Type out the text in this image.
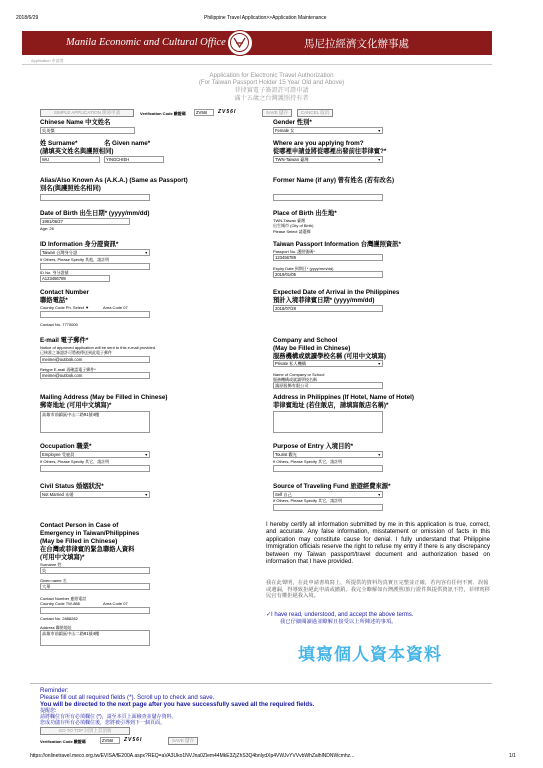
2018/6/29	Philippine Travel Application>>Application Maintenance
Manila Economic and Cultural Office	馬尼拉經濟文化辦事處
Application 申請書
Application for Electronic Travel Authorization
(For Taiwan Passport Holder 15 Year Old and Above)
菲律賓電子簽證許可證申請
滿十五歲之台灣護照持有者
SIMPLE APPLICATION 簡易申請	Verification Code 驗證碼	ZV56I	ZV56I	SAVE 儲存	CANCEL 取消
Chinese Name 中文姓名
吳英傑
姓 Surname*	名 Given name*
(請填英文姓名與護照相同)
WU	YINGCHIEH
Alias/Also Known As (A.K.A.) (Same as Passport)
別名(與護照姓名相同)
Date of Birth 出生日期* (yyyy/mm/dd)
1991/06/27
Age: 26
ID Information 身分證資訊*
Taiwan 台灣身分證 ▼
If Others, Please Specify 其他，請註明
ID No. 身分證號
A123456789
Contact Number
聯絡電話*
Country Code Ph. Select ▼	Area Code 07
Contact No. 7770000
E-mail 電子郵件*
Notice of approved application will be sent to this e-mail provided.
已核准之簽證許可將被傳送到此電子郵件
meimei@outlook.com
Retype E-mail 再確認電子郵件*
meimei@outlook.com
Mailing Address (May be Filled in Chinese)
郵寄地址 (可用中文填寫)*
高雄市前鎮區中山二路91號4樓
Occupation 職業*
Employee 受雇員 ▼
If Others, Please Specify 其它，請註明
Civil Status 婚姻狀況*
Not Married 未婚 ▼
Contact Person in Case of
Emergency in Taiwan/Philippines
(May be Filled in Chinese)
在台灣或菲律賓的緊急聯絡人資料
(可用中文填寫)*
Surname 姓
吳
Given name 名
大華
Contact Number 連絡電話
Country Code TW-886	Area Code 07
Contact No. 2888282
Address 聯絡地址
高雄市前鎮區中山二路91號4樓
Gender 性別*
Female 女 ▼
Where are you applying from?
從哪裡申請並將從哪裡出發前往菲律賓?*
TWN-Taiwan 臺灣 ▼
Former Name (if any) 曾有姓名 (若有改名)
Place of Birth 出生地*
TWN-Taiwan 臺灣
出生城市 (City of Birth)
Please Select 請選擇
Taiwan Passport Information 台灣護照資訊*
Passport No. 護照號碼*
123456789
Expiry Date 到期日* (yyyy/mm/dd)
2019/01/05
Expected Date of Arrival in the Philippines
預計入境菲律賓日期* (yyyy/mm/dd)
2018/07/28
Company and School
(May be Filled in Chinese)
服務機構或就讀學校名稱 (可用中文填寫)
Private 私人機構 ▼
Name of Company or School
服務機構或就讀學校名稱
鴻原服飾有限公司
Address in Philippines (If Hotel, Name of Hotel)
菲律賓地址 (若住飯店，請填寫飯店名稱)*
Purpose of Entry 入境目的*
Tourist 觀光 ▼
If Others, Please Specify 其它，請註明
Source of Traveling Fund 旅遊經費來源*
Self 自己 ▼
If Others, Please Specify 其它，請註明
I hereby certify all information submitted by me in this application is true, correct, and accurate. Any false information, misstatement or omission of facts in this application may constitute cause for denial. I fully understand that Philippine Immigration officials reserve the right to refuse my entry if there is any discrepancy between my Taiwan passport/travel document and authorization based on information that I have provided.
我在此聲明，在此申請書填寫上，所提供的資料均真實且完整並正確，若內容有任何不實、誤報或遺漏，得導致拒絕此申請或撤銷。我完全瞭解如台灣護照/旅行證件與提供資訊不符，菲律賓移民官有權拒絕我入境。
✓I have read, understood, and accept the above terms.
我已仔細閱讀過並瞭解且接受以上所陳述的事項。
填寫個人資本資料
Reminder:
Please fill out all required fields (*). Scroll up to check and save.
You will be directed to the next page after you have successfully saved all the required fields.
提醒您:
請將欄位有所有必填欄位 (*)，請至本頁上面檢查並儲存資料。
您成功儲存所有必填欄位後，您將被引導到下一個頁面。
GO TO TOP 回到上頁頂端
Verification Code 驗證碼	ZV56I	ZV56I	SAVE 儲存
https://onlinetravel.meco.org.tw/EVISA/fE200A.aspx?REQ=aVA3Uko1NVJna0Zlem44MkE3ZjZhS3Q4bnlydXp4VWJvYVVvbWhZalhlNDNWcmhz...	1/1
